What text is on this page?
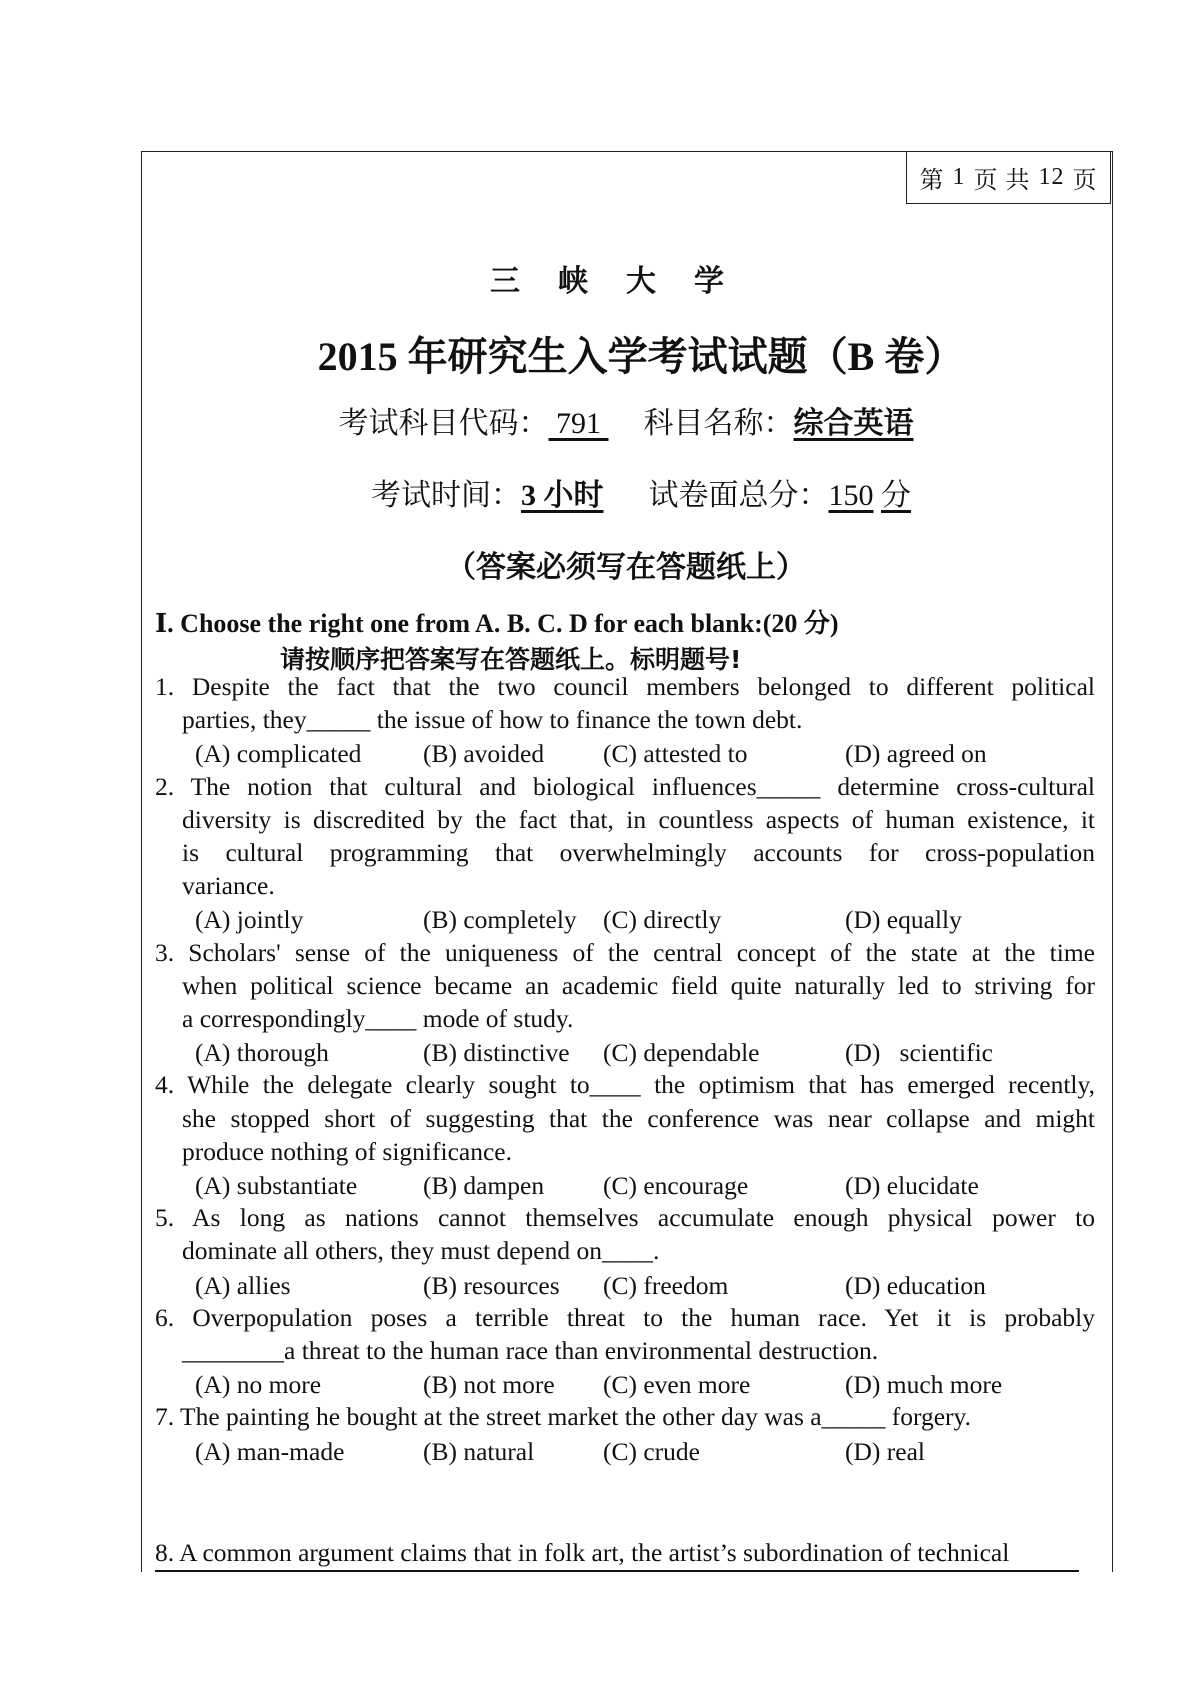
第 1 页 共 12 页
三峡大学
2015 年研究生入学考试试题（B 卷）
考试科目代码： 791   科目名称：综合英语
考试时间：3 小时 试卷面总分：150 分
（答案必须写在答题纸上）
Ⅰ. Choose the right one from A. B. C. D for each blank:(20 分)
请按顺序把答案写在答题纸上。标明题号!
1. Despite the fact that the two council members belonged to different political
parties, they_____ the issue of how to finance the town debt.
(A) complicated (B) avoided (C) attested to	(D) agreed on
2. The notion that cultural and biological influences_____ determine cross-cultural
diversity is discredited by the fact that, in countless aspects of human existence, it
is cultural programming that overwhelmingly accounts for cross-population
variance.
(A) jointly	(B) completely (C) directly	(D) equally
3. Scholars' sense of the uniqueness of the central concept of the state at the time
when political science became an academic field quite naturally led to striving for
a correspondingly____ mode of study.
(A) thorough	(B) distinctive (C) dependable	(D)   scientific
4. While the delegate clearly sought to____ the optimism that has emerged recently,
she stopped short of suggesting that the conference was near collapse and might
produce nothing of significance.
(A) substantiate	(B) dampen (C) encourage	(D) elucidate
5. As long as nations cannot themselves accumulate enough physical power to
dominate all others, they must depend on____.
(A) allies	(B) resources (C) freedom	(D) education
6. Overpopulation poses a terrible threat to the human race. Yet it is probably
________a threat to the human race than environmental destruction.
(A) no more	(B) not more (C) even more	(D) much more
7. The painting he bought at the street market the other day was a_____ forgery.
(A) man-made	(B) natural	(C) crude	(D) real
8. A common argument claims that in folk art, the artist’s subordination of technical
